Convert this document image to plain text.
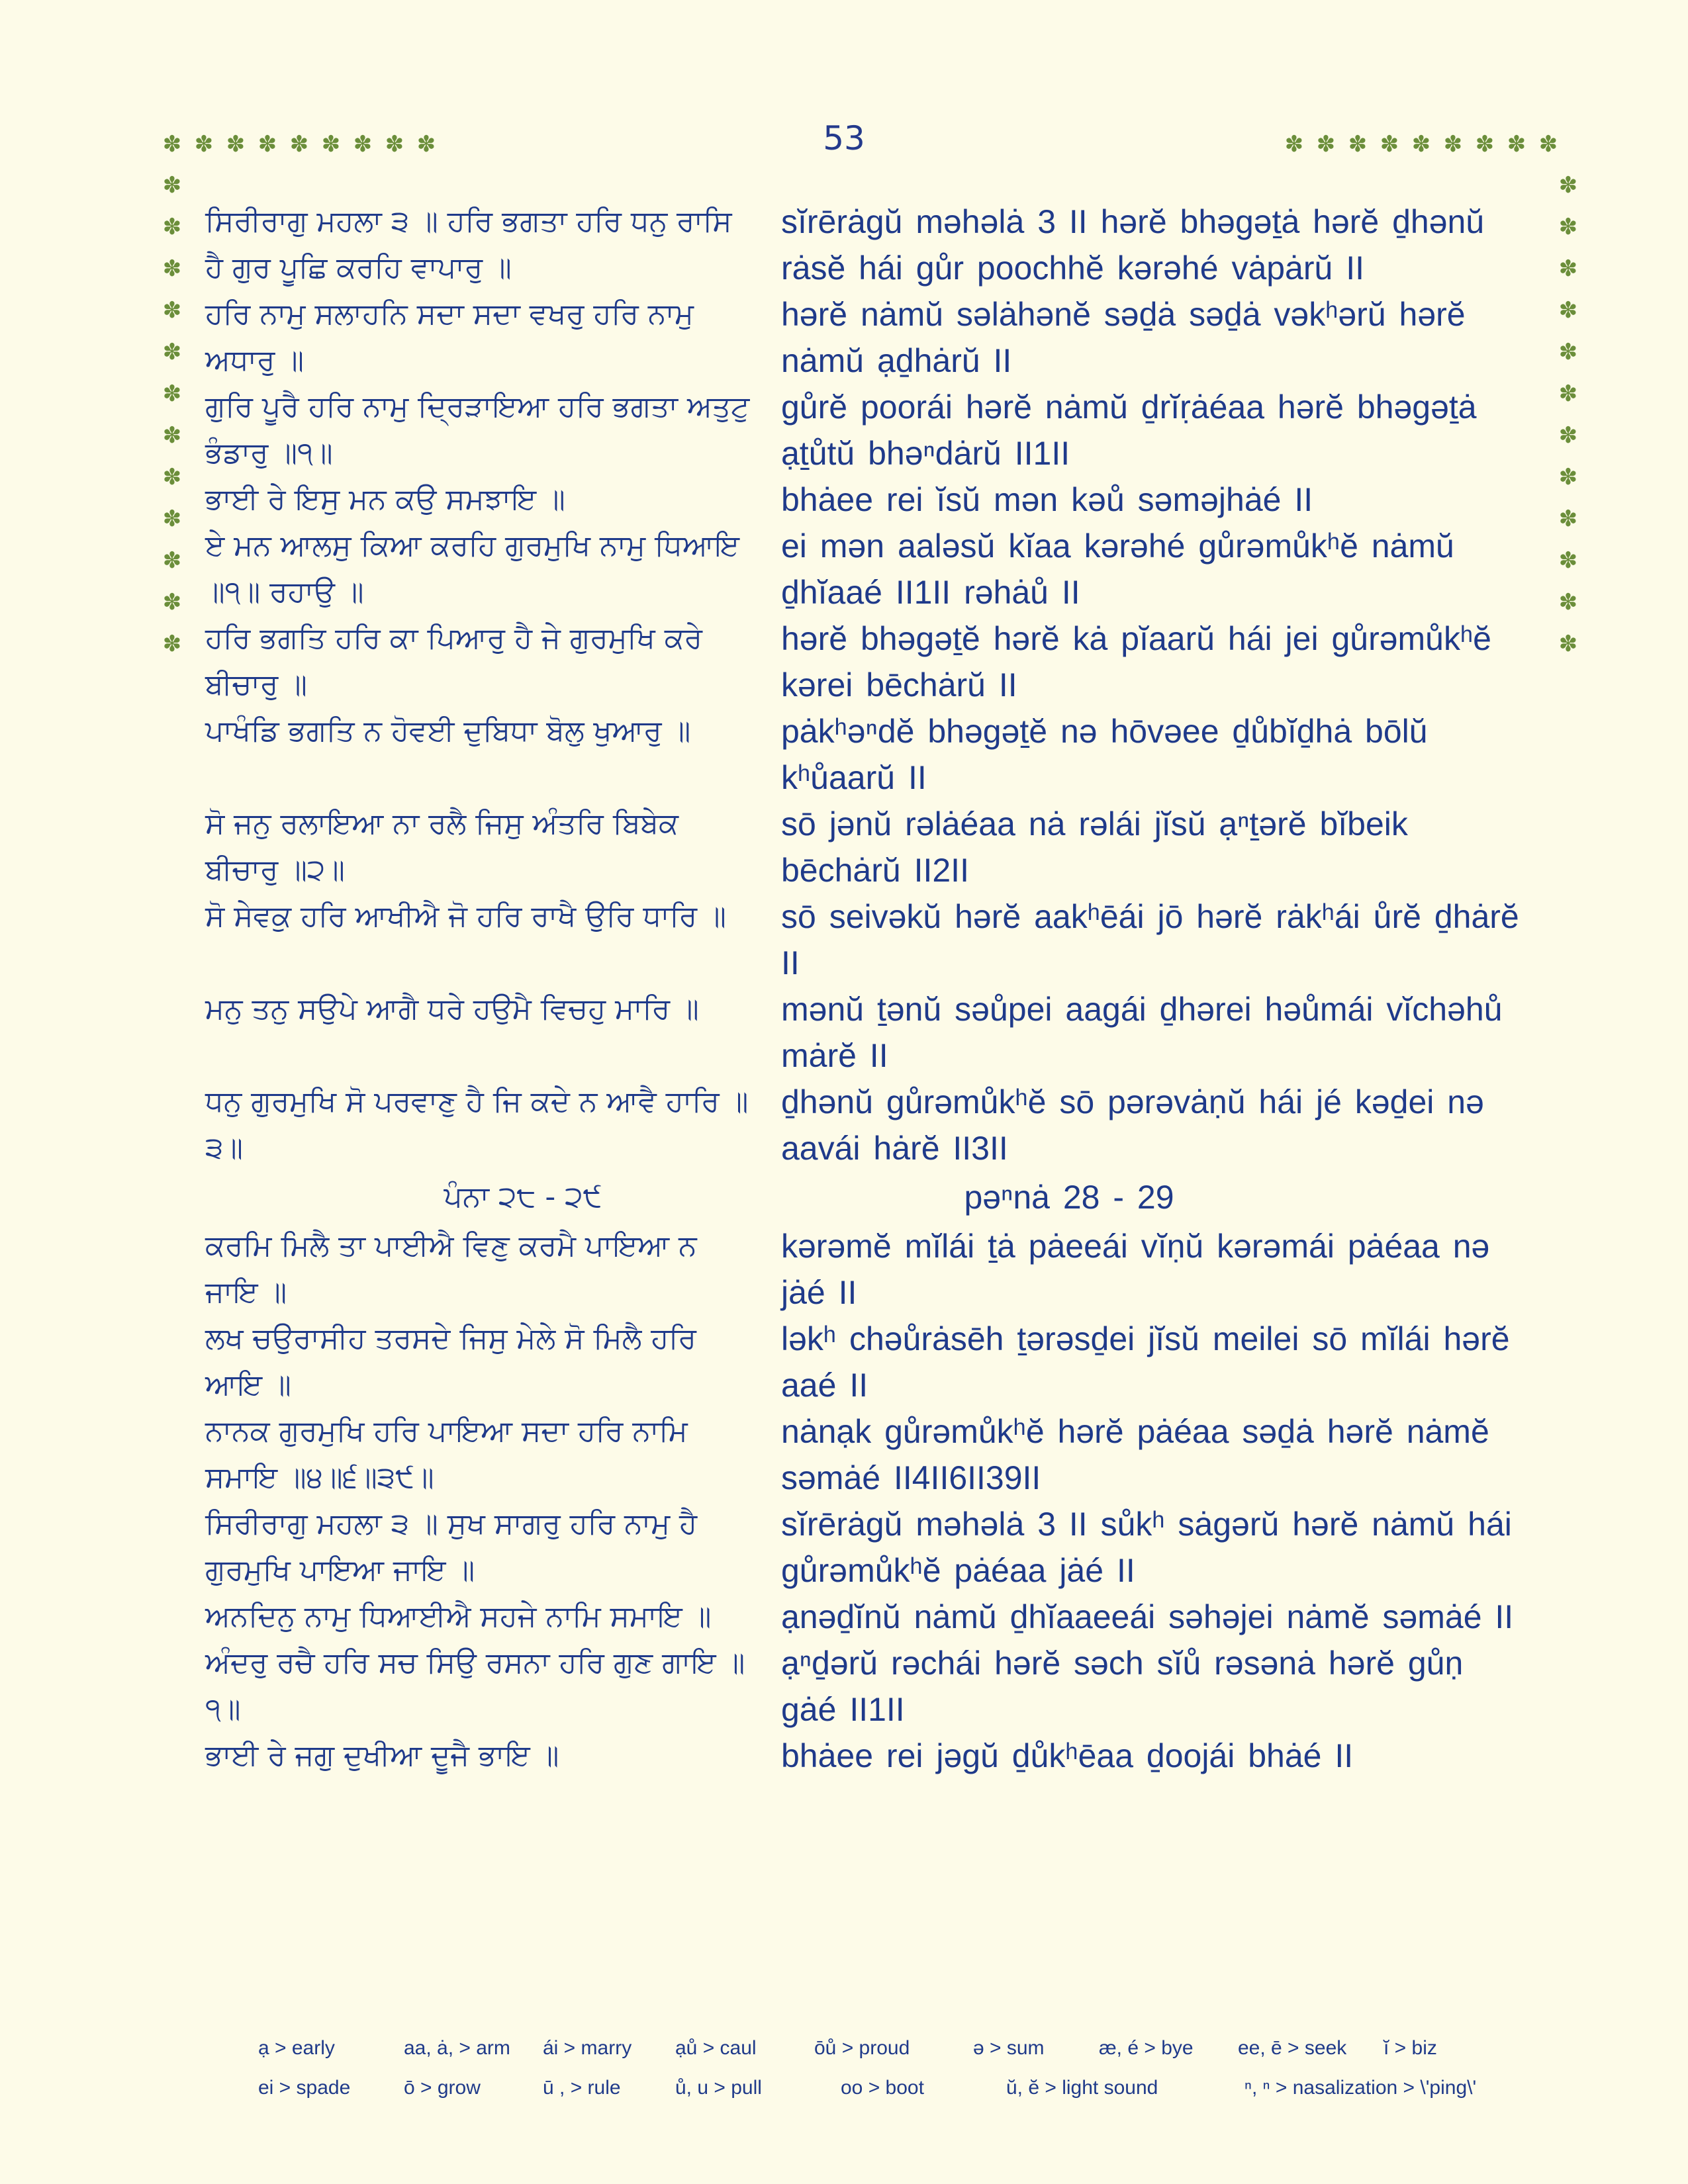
53
✽ ✽ ✽ ✽ ✽ ✽ ✽ ✽ ✽	✽ ✽ ✽ ✽ ✽ ✽ ✽ ✽ ✽
✽
✽
✽
✽
✽
✽
✽
✽
✽
✽
✽
✽
✽
✽
✽
✽
✽
✽
✽
✽
✽
✽
✽
✽
ਸਿਰੀਰਾਗੁ ਮਹਲਾ ੩ ॥ ਹਰਿ ਭਗਤਾ ਹਰਿ ਧਨੁ ਰਾਸਿ ਹੈ ਗੁਰ ਪੂਛਿ ਕਰਹਿ ਵਾਪਾਰੁ ॥
sĭrērȧgŭ məhəlȧ 3 II hərĕ bhəgəṯȧ hərĕ ḏhənŭ rȧsĕ hái gůr poochhĕ kərəhé vȧpȧrŭ II
ਹਰਿ ਨਾਮੁ ਸਲਾਹਨਿ ਸਦਾ ਸਦਾ ਵਖਰੁ ਹਰਿ ਨਾਮੁ ਅਧਾਰੁ ॥
hərĕ nȧmŭ səlȧhənĕ səḏȧ səḏȧ vəkʰərŭ hərĕ nȧmŭ ạḏhȧrŭ II
ਗੁਰਿ ਪੂਰੈ ਹਰਿ ਨਾਮੁ ਦ੍ਰਿੜਾਇਆ ਹਰਿ ਭਗਤਾ ਅਤੁਟੁ ਭੰਡਾਰੁ ॥੧॥
gůrĕ poorái hərĕ nȧmŭ ḏrĭṛȧéaa hərĕ bhəgəṯȧ ạṯůtŭ bhəⁿdȧrŭ II1II
ਭਾਈ ਰੇ ਇਸੁ ਮਨ ਕਉ ਸਮਝਾਇ ॥	bhȧee rei ĭsŭ mən kəů səməjhȧé II
ਏ ਮਨ ਆਲਸੁ ਕਿਆ ਕਰਹਿ ਗੁਰਮੁਖਿ ਨਾਮੁ ਧਿਆਇ ॥੧॥ ਰਹਾਉ ॥
ei mən aaləsŭ kĭaa kərəhé gůrəmůkʰĕ nȧmŭ ḏhĭaaé II1II rəhȧů II
ਹਰਿ ਭਗਤਿ ਹਰਿ ਕਾ ਪਿਆਰੁ ਹੈ ਜੇ ਗੁਰਮੁਖਿ ਕਰੇ ਬੀਚਾਰੁ ॥
hərĕ bhəgəṯĕ hərĕ kȧ pĭaarŭ hái jei gůrəmůkʰĕ kərei bēchȧrŭ II
ਪਾਖੰਡਿ ਭਗਤਿ ਨ ਹੋਵਈ ਦੁਬਿਧਾ ਬੋਲੁ ਖੁਆਰੁ ॥	pȧkʰəⁿdĕ bhəgəṯĕ nə hōvəee ḏůbĭḏhȧ bōlŭ kʰůaarŭ II
ਸੋ ਜਨੁ ਰਲਾਇਆ ਨਾ ਰਲੈ ਜਿਸੁ ਅੰਤਰਿ ਬਿਬੇਕ ਬੀਚਾਰੁ ॥੨॥
sō jənŭ rəlȧéaa nȧ rəlái jĭsŭ ạⁿṯərĕ bĭbeik bēchȧrŭ II2II
ਸੋ ਸੇਵਕੁ ਹਰਿ ਆਖੀਐ ਜੋ ਹਰਿ ਰਾਖੈ ਉਰਿ ਧਾਰਿ ॥	sō seivəkŭ hərĕ aakʰēái jō hərĕ rȧkʰái ůrĕ ḏhȧrĕ II
ਮਨੁ ਤਨੁ ਸਉਪੇ ਆਗੈ ਧਰੇ ਹਉਮੈ ਵਿਚਹੁ ਮਾਰਿ ॥	mənŭ ṯənŭ səůpei aagái ḏhərei həůmái vĭchəhů mȧrĕ II
ਧਨੁ ਗੁਰਮੁਖਿ ਸੋ ਪਰਵਾਣੁ ਹੈ ਜਿ ਕਦੇ ਨ ਆਵੈ ਹਾਰਿ ॥੩॥
ḏhənŭ gůrəmůkʰĕ sō pərəvȧṇŭ hái jé kəḏei nə aavái hȧrĕ II3II
ਪੰਨਾ ੨੮ - ੨੯	pəⁿnȧ 28 - 29
ਕਰਮਿ ਮਿਲੈ ਤਾ ਪਾਈਐ ਵਿਣੁ ਕਰਮੈ ਪਾਇਆ ਨ ਜਾਇ ॥
kərəmĕ mĭlái ṯȧ pȧeeái vĭṇŭ kərəmái pȧéaa nə jȧé II
ਲਖ ਚਉਰਾਸੀਹ ਤਰਸਦੇ ਜਿਸੁ ਮੇਲੇ ਸੋ ਮਿਲੈ ਹਰਿ ਆਇ ॥
ləkʰ chəůrȧsēh ṯərəsḏei jĭsŭ meilei sō mĭlái hərĕ aaé II
ਨਾਨਕ ਗੁਰਮੁਖਿ ਹਰਿ ਪਾਇਆ ਸਦਾ ਹਰਿ ਨਾਮਿ ਸਮਾਇ ॥੪॥੬॥੩੯॥
nȧnạk gůrəmůkʰĕ hərĕ pȧéaa səḏȧ hərĕ nȧmĕ səmȧé II4II6II39II
ਸਿਰੀਰਾਗੁ ਮਹਲਾ ੩ ॥ ਸੁਖ ਸਾਗਰੁ ਹਰਿ ਨਾਮੁ ਹੈ ਗੁਰਮੁਖਿ ਪਾਇਆ ਜਾਇ ॥
sĭrērȧgŭ məhəlȧ 3 II sůkʰ sȧgərŭ hərĕ nȧmŭ hái gůrəmůkʰĕ pȧéaa jȧé II
ਅਨਦਿਨੁ ਨਾਮੁ ਧਿਆਈਐ ਸਹਜੇ ਨਾਮਿ ਸਮਾਇ ॥	ạnəḏĭnŭ nȧmŭ ḏhĭaaeeái səhəjei nȧmĕ səmȧé II
ਅੰਦਰੁ ਰਚੈ ਹਰਿ ਸਚ ਸਿਉ ਰਸਨਾ ਹਰਿ ਗੁਣ ਗਾਇ ॥੧॥
ạⁿḏərŭ rəchái hərĕ səch sĭů rəsənȧ hərĕ gůṇ gȧé II1II
ਭਾਈ ਰੇ ਜਗੁ ਦੁਖੀਆ ਦੂਜੈ ਭਾਇ ॥	bhȧee rei jəgŭ ḏůkʰēaa ḏoojái bhȧé II
ạ > early	aa, ȧ, > arm	ái > marry	ạů > caul	ōů > proud	ə > sum	æ, é > bye	ee, ē > seek	ĭ > biz
ei > spade	ō > grow	ū , > rule	ů, u > pull	oo > boot	ŭ, ĕ > light sound	ⁿ, ⁿ > nasalization > \'ping\'
